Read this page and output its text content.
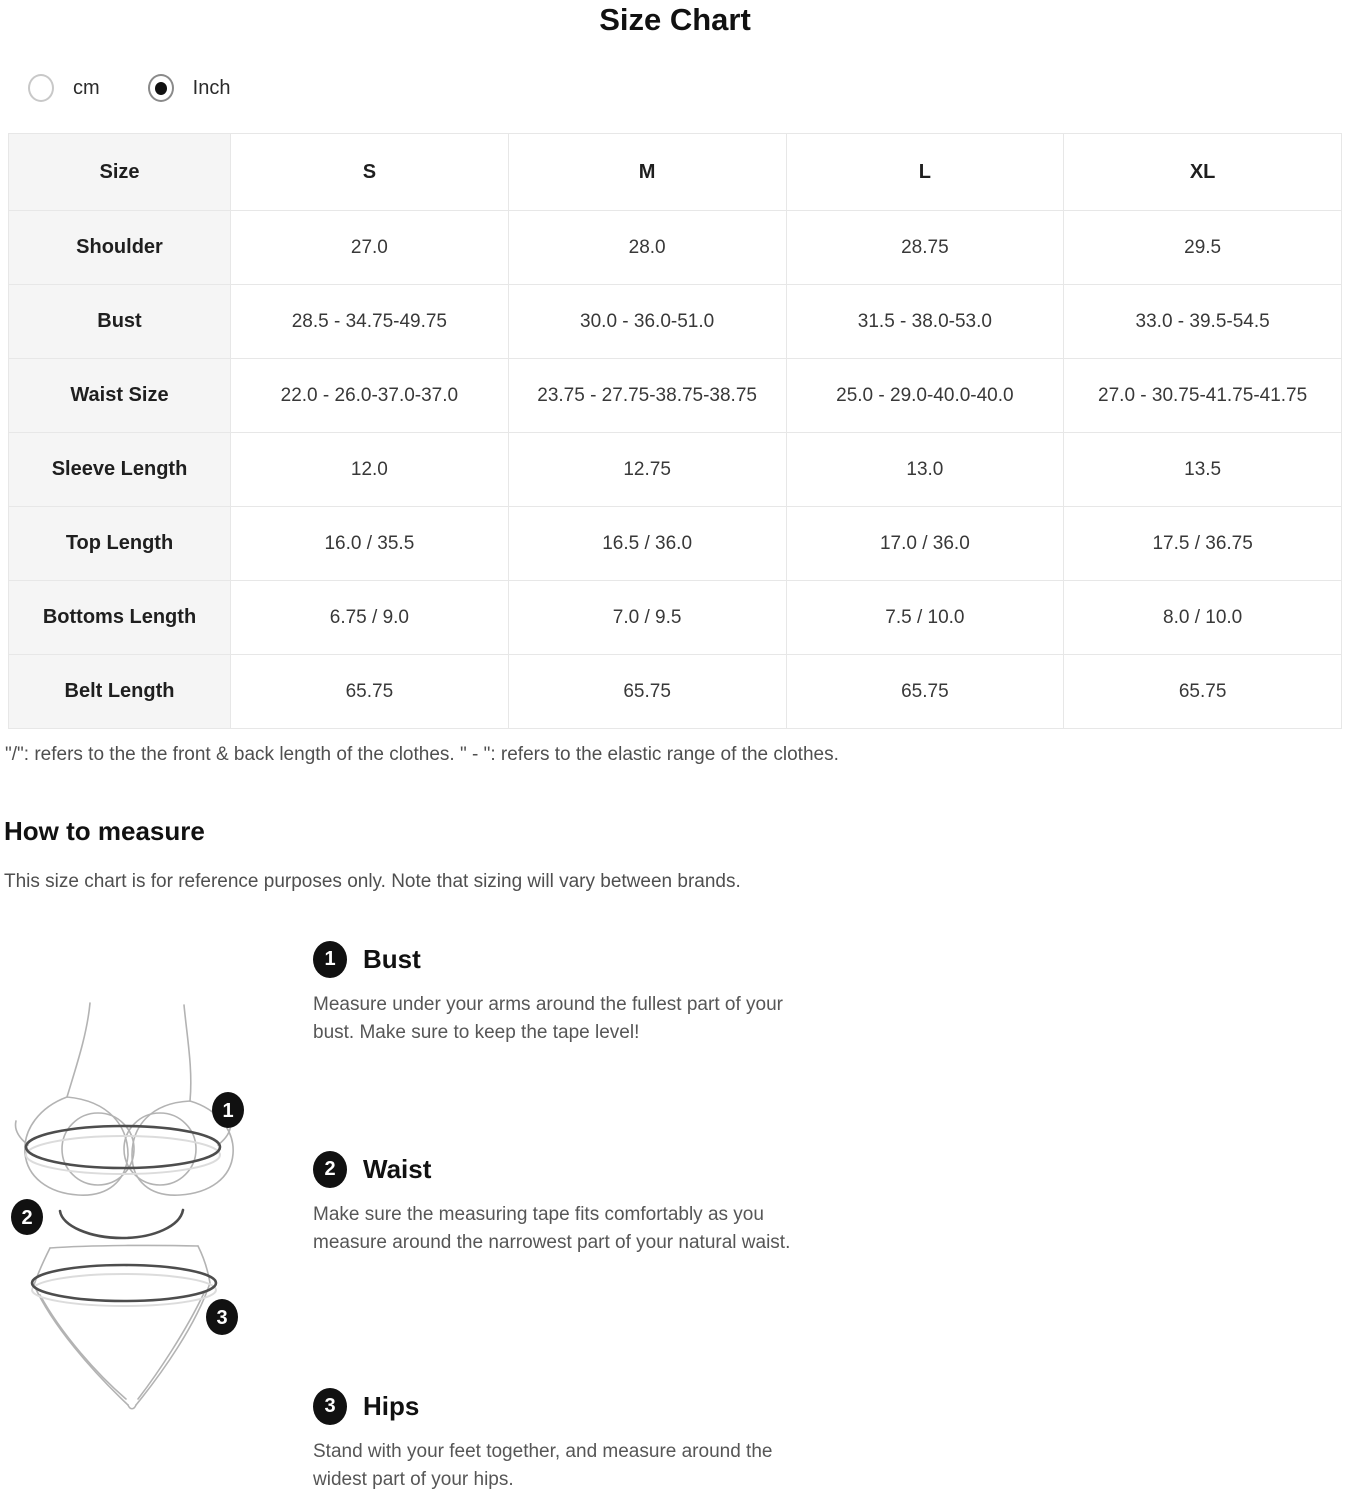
Size Chart
cm	Inch
Size	S	M	L	XL
Shoulder	27.0	28.0	28.75	29.5
Bust	28.5 - 34.75-49.75	30.0 - 36.0-51.0	31.5 - 38.0-53.0	33.0 - 39.5-54.5
Waist Size	22.0 - 26.0-37.0-37.0	23.75 - 27.75-38.75-38.75	25.0 - 29.0-40.0-40.0	27.0 - 30.75-41.75-41.75
Sleeve Length	12.0	12.75	13.0	13.5
Top Length	16.0 / 35.5	16.5 / 36.0	17.0 / 36.0	17.5 / 36.75
Bottoms Length	6.75 / 9.0	7.0 / 9.5	7.5 / 10.0	8.0 / 10.0
Belt Length	65.75	65.75	65.75	65.75

"/": refers to the the front & back length of the clothes. " - ": refers to the elastic range of the clothes.

How to measure

This size chart is for reference purposes only. Note that sizing will vary between brands.

1
2
3
1	Bust

Measure under your arms around the fullest part of your bust. Make sure to keep the tape level!

2	Waist

Make sure the measuring tape fits comfortably as you measure around the narrowest part of your natural waist.

3	Hips

Stand with your feet together, and measure around the widest part of your hips.
